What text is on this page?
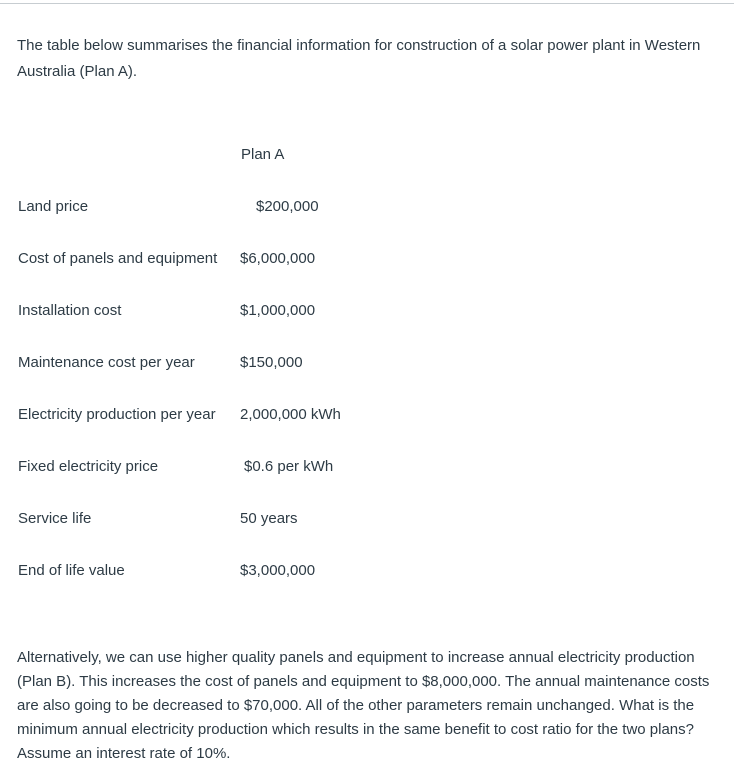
The table below summarises the financial information for construction of a solar power plant in Western Australia (Plan A).

Plan A
Land price	$200,000
Cost of panels and equipment $6,000,000
Installation cost	$1,000,000
Maintenance cost per year	$150,000
Electricity production per year 2,000,000 kWh
Fixed electricity price	$0.6 per kWh
Service life	50 years
End of life value	$3,000,000

Alternatively, we can use higher quality panels and equipment to increase annual electricity production (Plan B). This increases the cost of panels and equipment to $8,000,000. The annual maintenance costs are also going to be decreased to $70,000. All of the other parameters remain unchanged. What is the minimum annual electricity production which results in the same benefit to cost ratio for the two plans? Assume an interest rate of 10%.
